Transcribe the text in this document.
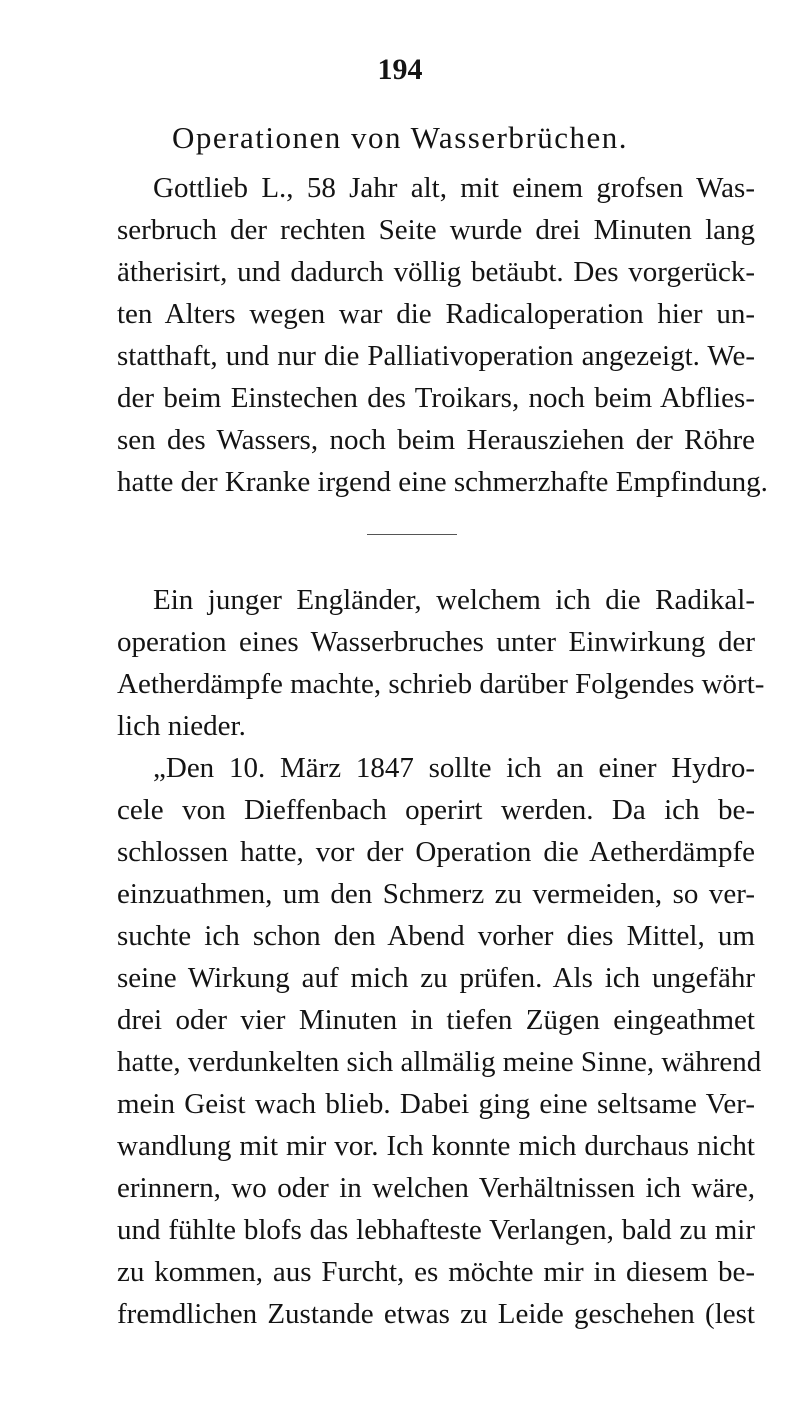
194
Operationen von Wasserbrüchen.
Gottlieb L., 58 Jahr alt, mit einem grofsen Was-
serbruch der rechten Seite wurde drei Minuten lang
ätherisirt, und dadurch völlig betäubt. Des vorgerück-
ten Alters wegen war die Radicaloperation hier un-
statthaft, und nur die Palliativoperation angezeigt. We-
der beim Einstechen des Troikars, noch beim Abflies-
sen des Wassers, noch beim Herausziehen der Röhre
hatte der Kranke irgend eine schmerzhafte Empfindung.
Ein junger Engländer, welchem ich die Radikal-
operation eines Wasserbruches unter Einwirkung der
Aetherdämpfe machte, schrieb darüber Folgendes wört-
lich nieder.
„Den 10. März 1847 sollte ich an einer Hydro-
cele von Dieffenbach operirt werden. Da ich be-
schlossen hatte, vor der Operation die Aetherdämpfe
einzuathmen, um den Schmerz zu vermeiden, so ver-
suchte ich schon den Abend vorher dies Mittel, um
seine Wirkung auf mich zu prüfen. Als ich ungefähr
drei oder vier Minuten in tiefen Zügen eingeathmet
hatte, verdunkelten sich allmälig meine Sinne, während
mein Geist wach blieb. Dabei ging eine seltsame Ver-
wandlung mit mir vor. Ich konnte mich durchaus nicht
erinnern, wo oder in welchen Verhältnissen ich wäre,
und fühlte blofs das lebhafteste Verlangen, bald zu mir
zu kommen, aus Furcht, es möchte mir in diesem be-
fremdlichen Zustande etwas zu Leide geschehen (lest
